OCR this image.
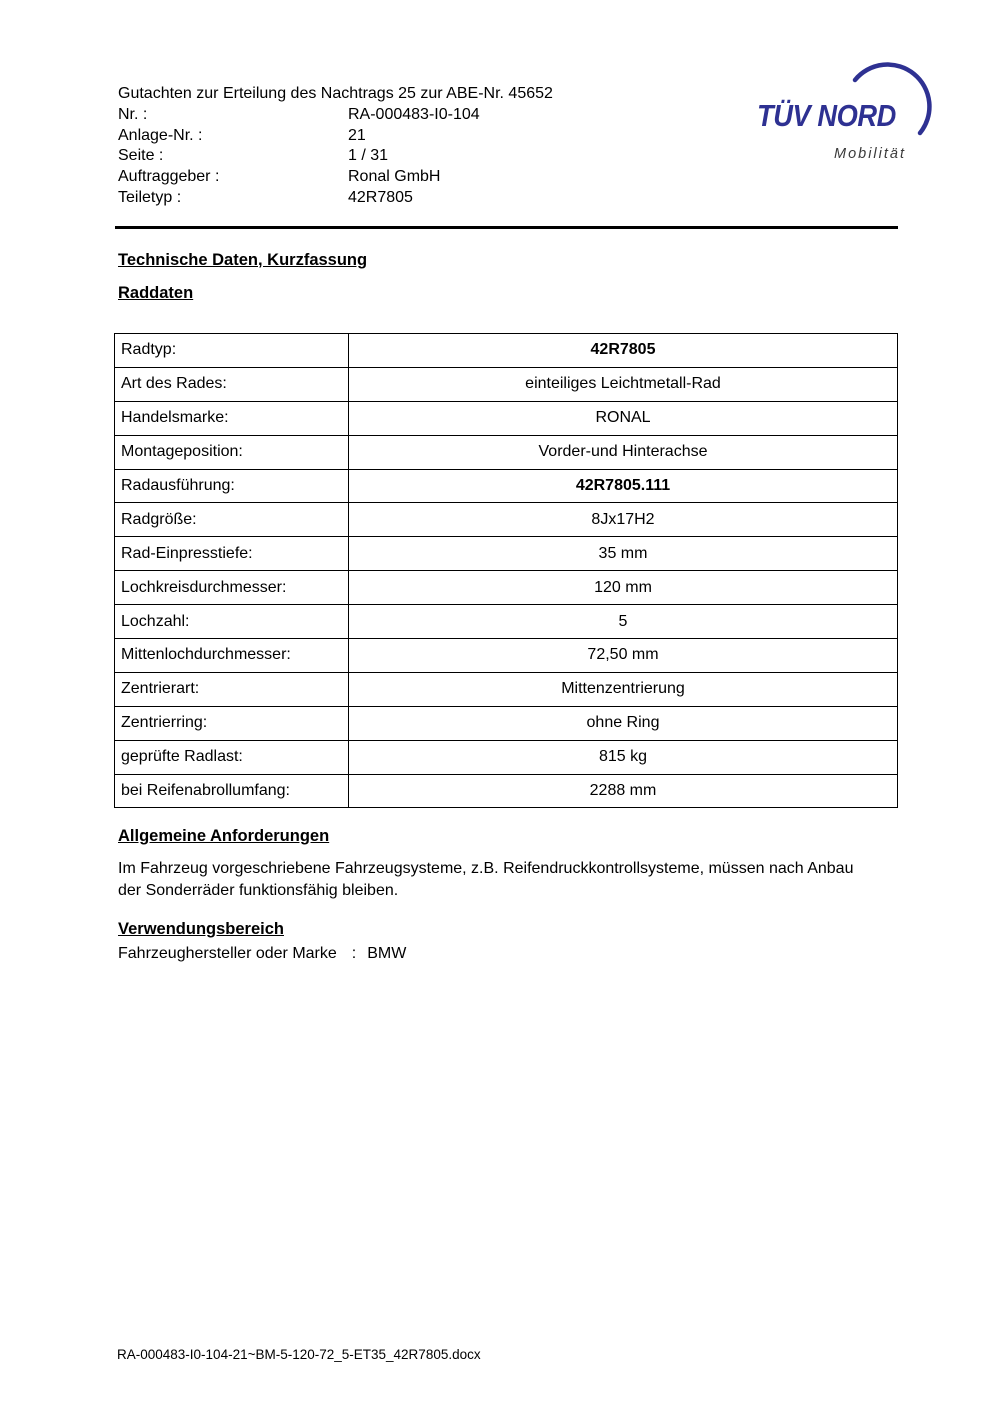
Gutachten zur Erteilung des Nachtrags 25 zur ABE-Nr. 45652
Nr. :	RA-000483-I0-104
Anlage-Nr. :	21
Seite :	1 / 31
Auftraggeber :	Ronal GmbH
Teiletyp :	42R7805
TÜV NORD
Mobilität
Technische Daten, Kurzfassung
Raddaten
Radtyp:	42R7805
Art des Rades:	einteiliges Leichtmetall-Rad
Handelsmarke:	RONAL
Montageposition:	Vorder-und Hinterachse
Radausführung:	42R7805.111
Radgröße:	8Jx17H2
Rad-Einpresstiefe:	35 mm
Lochkreisdurchmesser:	120 mm
Lochzahl:	5
Mittenlochdurchmesser:	72,50 mm
Zentrierart:	Mittenzentrierung
Zentrierring:	ohne Ring
geprüfte Radlast:	815 kg
bei Reifenabrollumfang:	2288 mm
Allgemeine Anforderungen
Im Fahrzeug vorgeschriebene Fahrzeugsysteme, z.B. Reifendruckkontrollsysteme, müssen nach Anbau der Sonderräder funktionsfähig bleiben.
Verwendungsbereich
Fahrzeughersteller oder Marke : BMW
RA-000483-I0-104-21~BM-5-120-72_5-ET35_42R7805.docx
